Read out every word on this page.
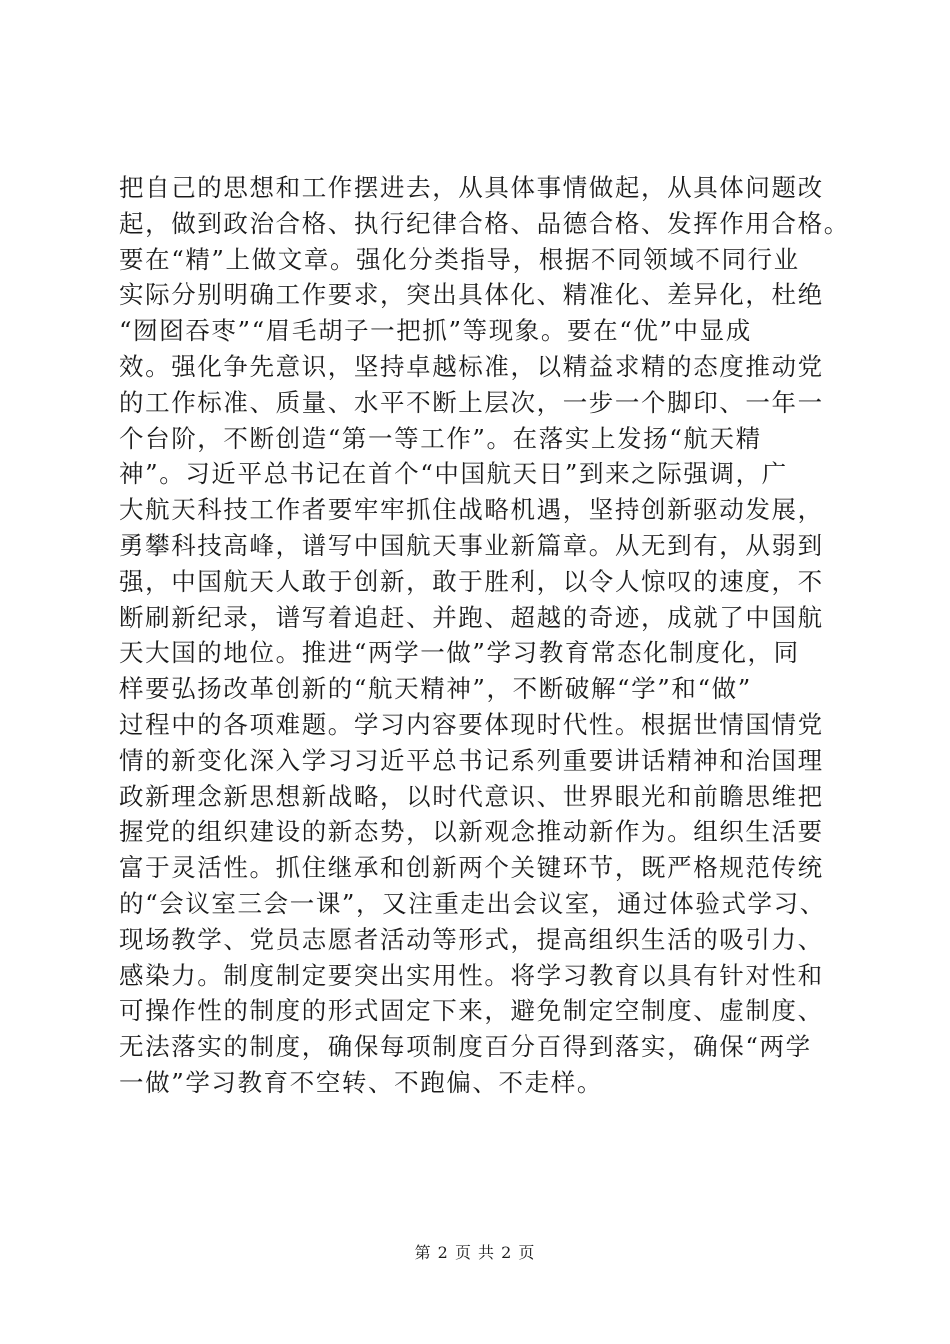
把自己的思想和工作摆进去，从具体事情做起，从具体问题改
起，做到政治合格、执行纪律合格、品德合格、发挥作用合格。
要在“精”上做文章。强化分类指导，根据不同领域不同行业
实际分别明确工作要求，突出具体化、精准化、差异化，杜绝
“囫囵吞枣”“眉毛胡子一把抓”等现象。要在“优”中显成
效。强化争先意识，坚持卓越标准，以精益求精的态度推动党
的工作标准、质量、水平不断上层次，一步一个脚印、一年一
个台阶，不断创造“第一等工作”。在落实上发扬“航天精
神”。习近平总书记在首个“中国航天日”到来之际强调，广
大航天科技工作者要牢牢抓住战略机遇，坚持创新驱动发展，
勇攀科技高峰，谱写中国航天事业新篇章。从无到有，从弱到
强，中国航天人敢于创新，敢于胜利，以令人惊叹的速度，不
断刷新纪录，谱写着追赶、并跑、超越的奇迹，成就了中国航
天大国的地位。推进“两学一做”学习教育常态化制度化，同
样要弘扬改革创新的“航天精神”，不断破解“学”和“做”
过程中的各项难题。学习内容要体现时代性。根据世情国情党
情的新变化深入学习习近平总书记系列重要讲话精神和治国理
政新理念新思想新战略，以时代意识、世界眼光和前瞻思维把
握党的组织建设的新态势，以新观念推动新作为。组织生活要
富于灵活性。抓住继承和创新两个关键环节，既严格规范传统
的“会议室三会一课”，又注重走出会议室，通过体验式学习、
现场教学、党员志愿者活动等形式，提高组织生活的吸引力、
感染力。制度制定要突出实用性。将学习教育以具有针对性和
可操作性的制度的形式固定下来，避免制定空制度、虚制度、
无法落实的制度，确保每项制度百分百得到落实，确保“两学
一做”学习教育不空转、不跑偏、不走样。
第 2 页 共 2 页
